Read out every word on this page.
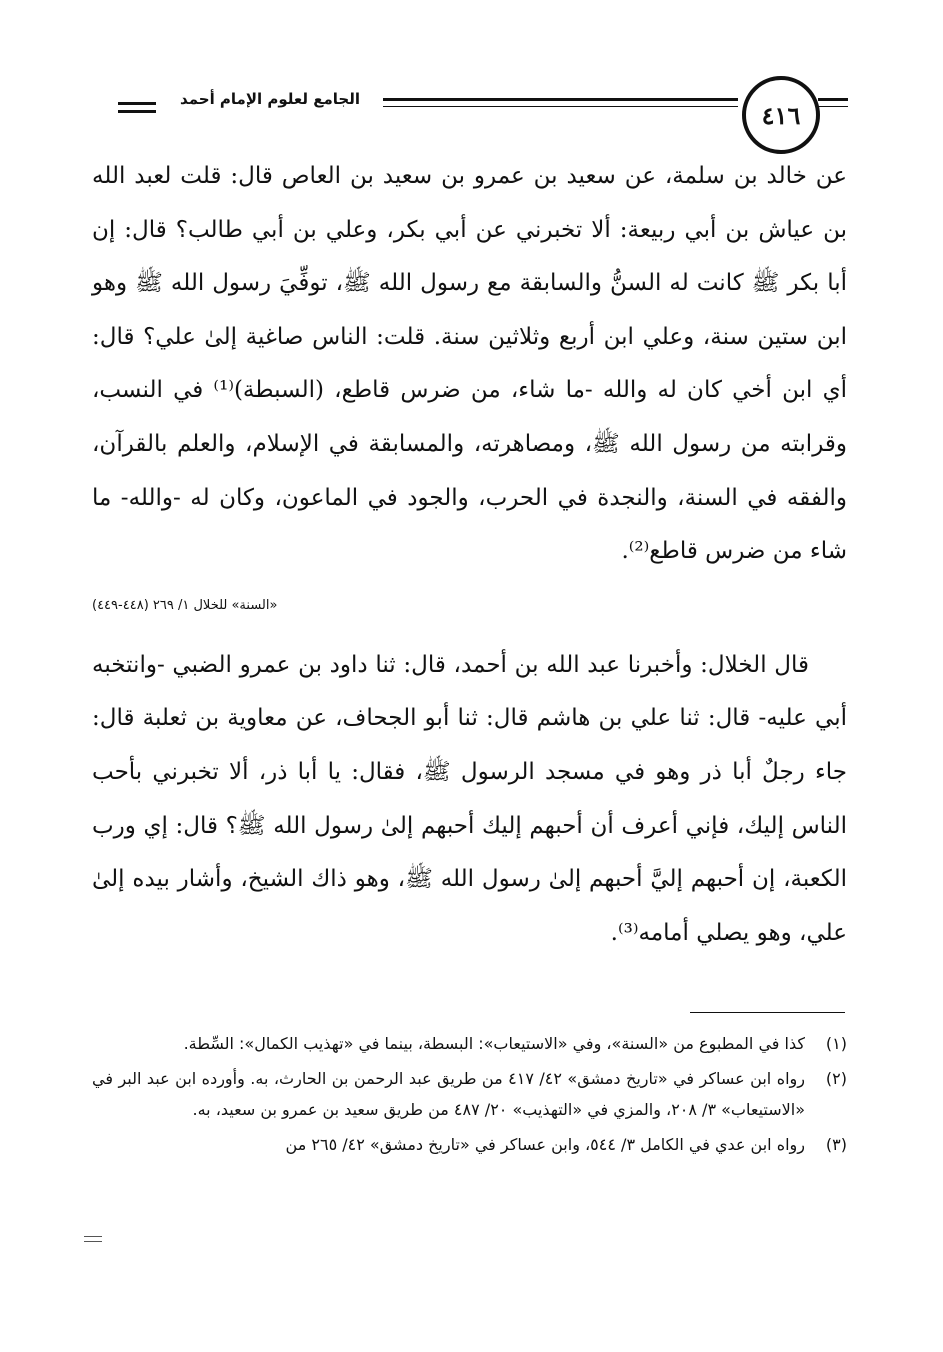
الجامع لعلوم الإمام أحمد
٤١٦

عن خالد بن سلمة، عن سعيد بن عمرو بن سعيد بن العاص قال: قلت لعبد الله بن عياش بن أبي ربيعة: ألا تخبرني عن أبي بكر، وعلي بن أبي طالب؟ قال: إن أبا بكر ﷺ كانت له السنُّ والسابقة مع رسول الله ﷺ، توفِّيَ رسول الله ﷺ وهو ابن ستين سنة، وعلي ابن أربع وثلاثين سنة. قلت: الناس صاغية إلىٰ علي؟ قال: أي ابن أخي كان له والله -ما شاء، من ضرس قاطع، (السبطة)⁽¹⁾ في النسب، وقرابته من رسول الله ﷺ، ومصاهرته، والمسابقة في الإسلام، والعلم بالقرآن، والفقه في السنة، والنجدة في الحرب، والجود في الماعون، وكان له -والله- ما شاء من ضرس قاطع⁽²⁾.

قال الخلال: وأخبرنا عبد الله بن أحمد، قال: ثنا داود بن عمرو الضبي -وانتخبه أبي عليه- قال: ثنا علي بن هاشم قال: ثنا أبو الجحاف، عن معاوية بن ثعلبة قال: جاء رجلٌ أبا ذر وهو في مسجد الرسول ﷺ، فقال: يا أبا ذر، ألا تخبرني بأحب الناس إليك، فإني أعرف أن أحبهم إليك أحبهم إلىٰ رسول الله ﷺ؟ قال: إي ورب الكعبة، إن أحبهم إليَّ أحبهم إلىٰ رسول الله ﷺ، وهو ذاك الشيخ، وأشار بيده إلىٰ علي، وهو يصلي أمامه⁽³⁾.

«السنة» للخلال ١/ ٢٦٩ (٤٤٨-٤٤٩)
(١)
كذا في المطبوع من «السنة»، وفي «الاستيعاب»: البسطة، بينما في «تهذيب الكمال»: السِّطة.
(٢)
رواه ابن عساكر في «تاريخ دمشق» ٤٢/ ٤١٧ من طريق عبد الرحمن بن الحارث، به. وأورده ابن عبد البر في «الاستيعاب» ٣/ ٢٠٨، والمزي في «التهذيب» ٢٠/ ٤٨٧ من طريق سعيد بن عمرو بن سعيد، به.
(٣)
رواه ابن عدي في الكامل ٣/ ٥٤٤، وابن عساكر في «تاريخ دمشق» ٤٢/ ٢٦٥ من
